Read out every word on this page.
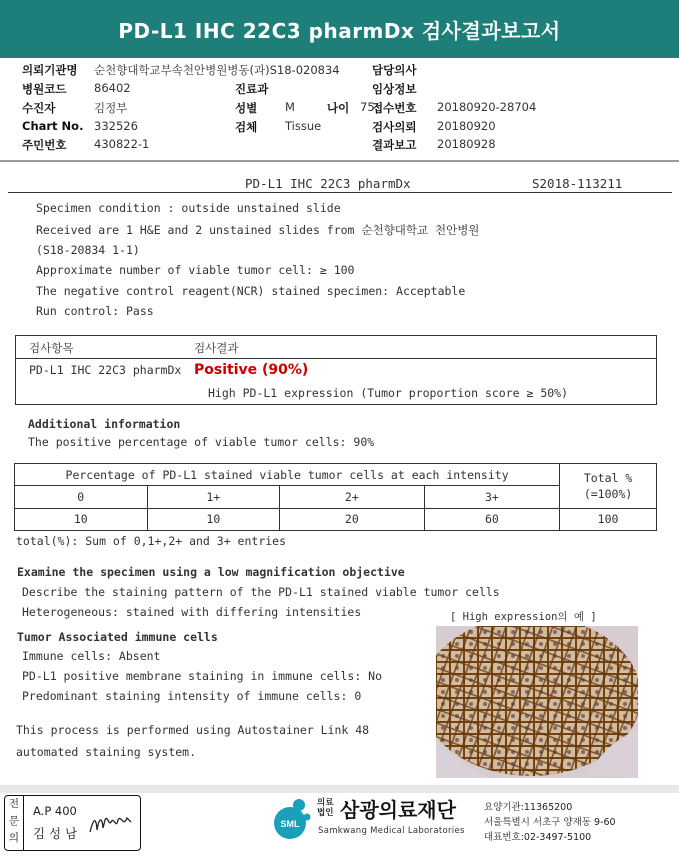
PD-L1 IHC 22C3 pharmDx 검사결과보고서
의뢰기관명 순천향대학교부속천안병원병동(과)S18-020834
병원코드 86402
수진자	김정부
Chart No. 332526
주민번호 430822-1
진료과
성별 M	나이 75
검체 Tissue
담당의사
임상정보
접수번호 20180920-28704
검사의뢰 20180920
결과보고 20180928
PD-L1 IHC 22C3 pharmDx	S2018-113211
Specimen condition : outside unstained slide
Received are 1 H&E and 2 unstained slides from 순천향대학교 천안병원
(S18-20834 1-1)
Approximate number of viable tumor cell: ≥ 100
The negative control reagent(NCR) stained specimen: Acceptable
Run control: Pass
검사항목	검사결과
PD-L1 IHC 22C3 pharmDx Positive (90%)
High PD-L1 expression (Tumor proportion score ≥ 50%)
Additional information
The positive percentage of viable tumor cells: 90%
Percentage of PD-L1 stained viable tumor cells at each intensity				Total %
(=100%)
0	1+	2+	3+	
10	10	20	60	100
total(%): Sum of 0,1+,2+ and 3+ entries
Examine the specimen using a low magnification objective
Describe the staining pattern of the PD-L1 stained viable tumor cells
Heterogeneous: stained with differing intensities
Tumor Associated immune cells
Immune cells: Absent
PD-L1 positive membrane staining in immune cells: No
Predominant staining intensity of immune cells: 0
This process is performed using Autostainer Link 48
automated staining system.
[ High expression의 예 ]
전
문
의
A.P 400
김 성 남
SML
의료
법인 삼광의료재단
Samkwang Medical Laboratories
요양기관:11365200
서울특별시 서초구 양재동 9-60
대표번호:02-3497-5100
